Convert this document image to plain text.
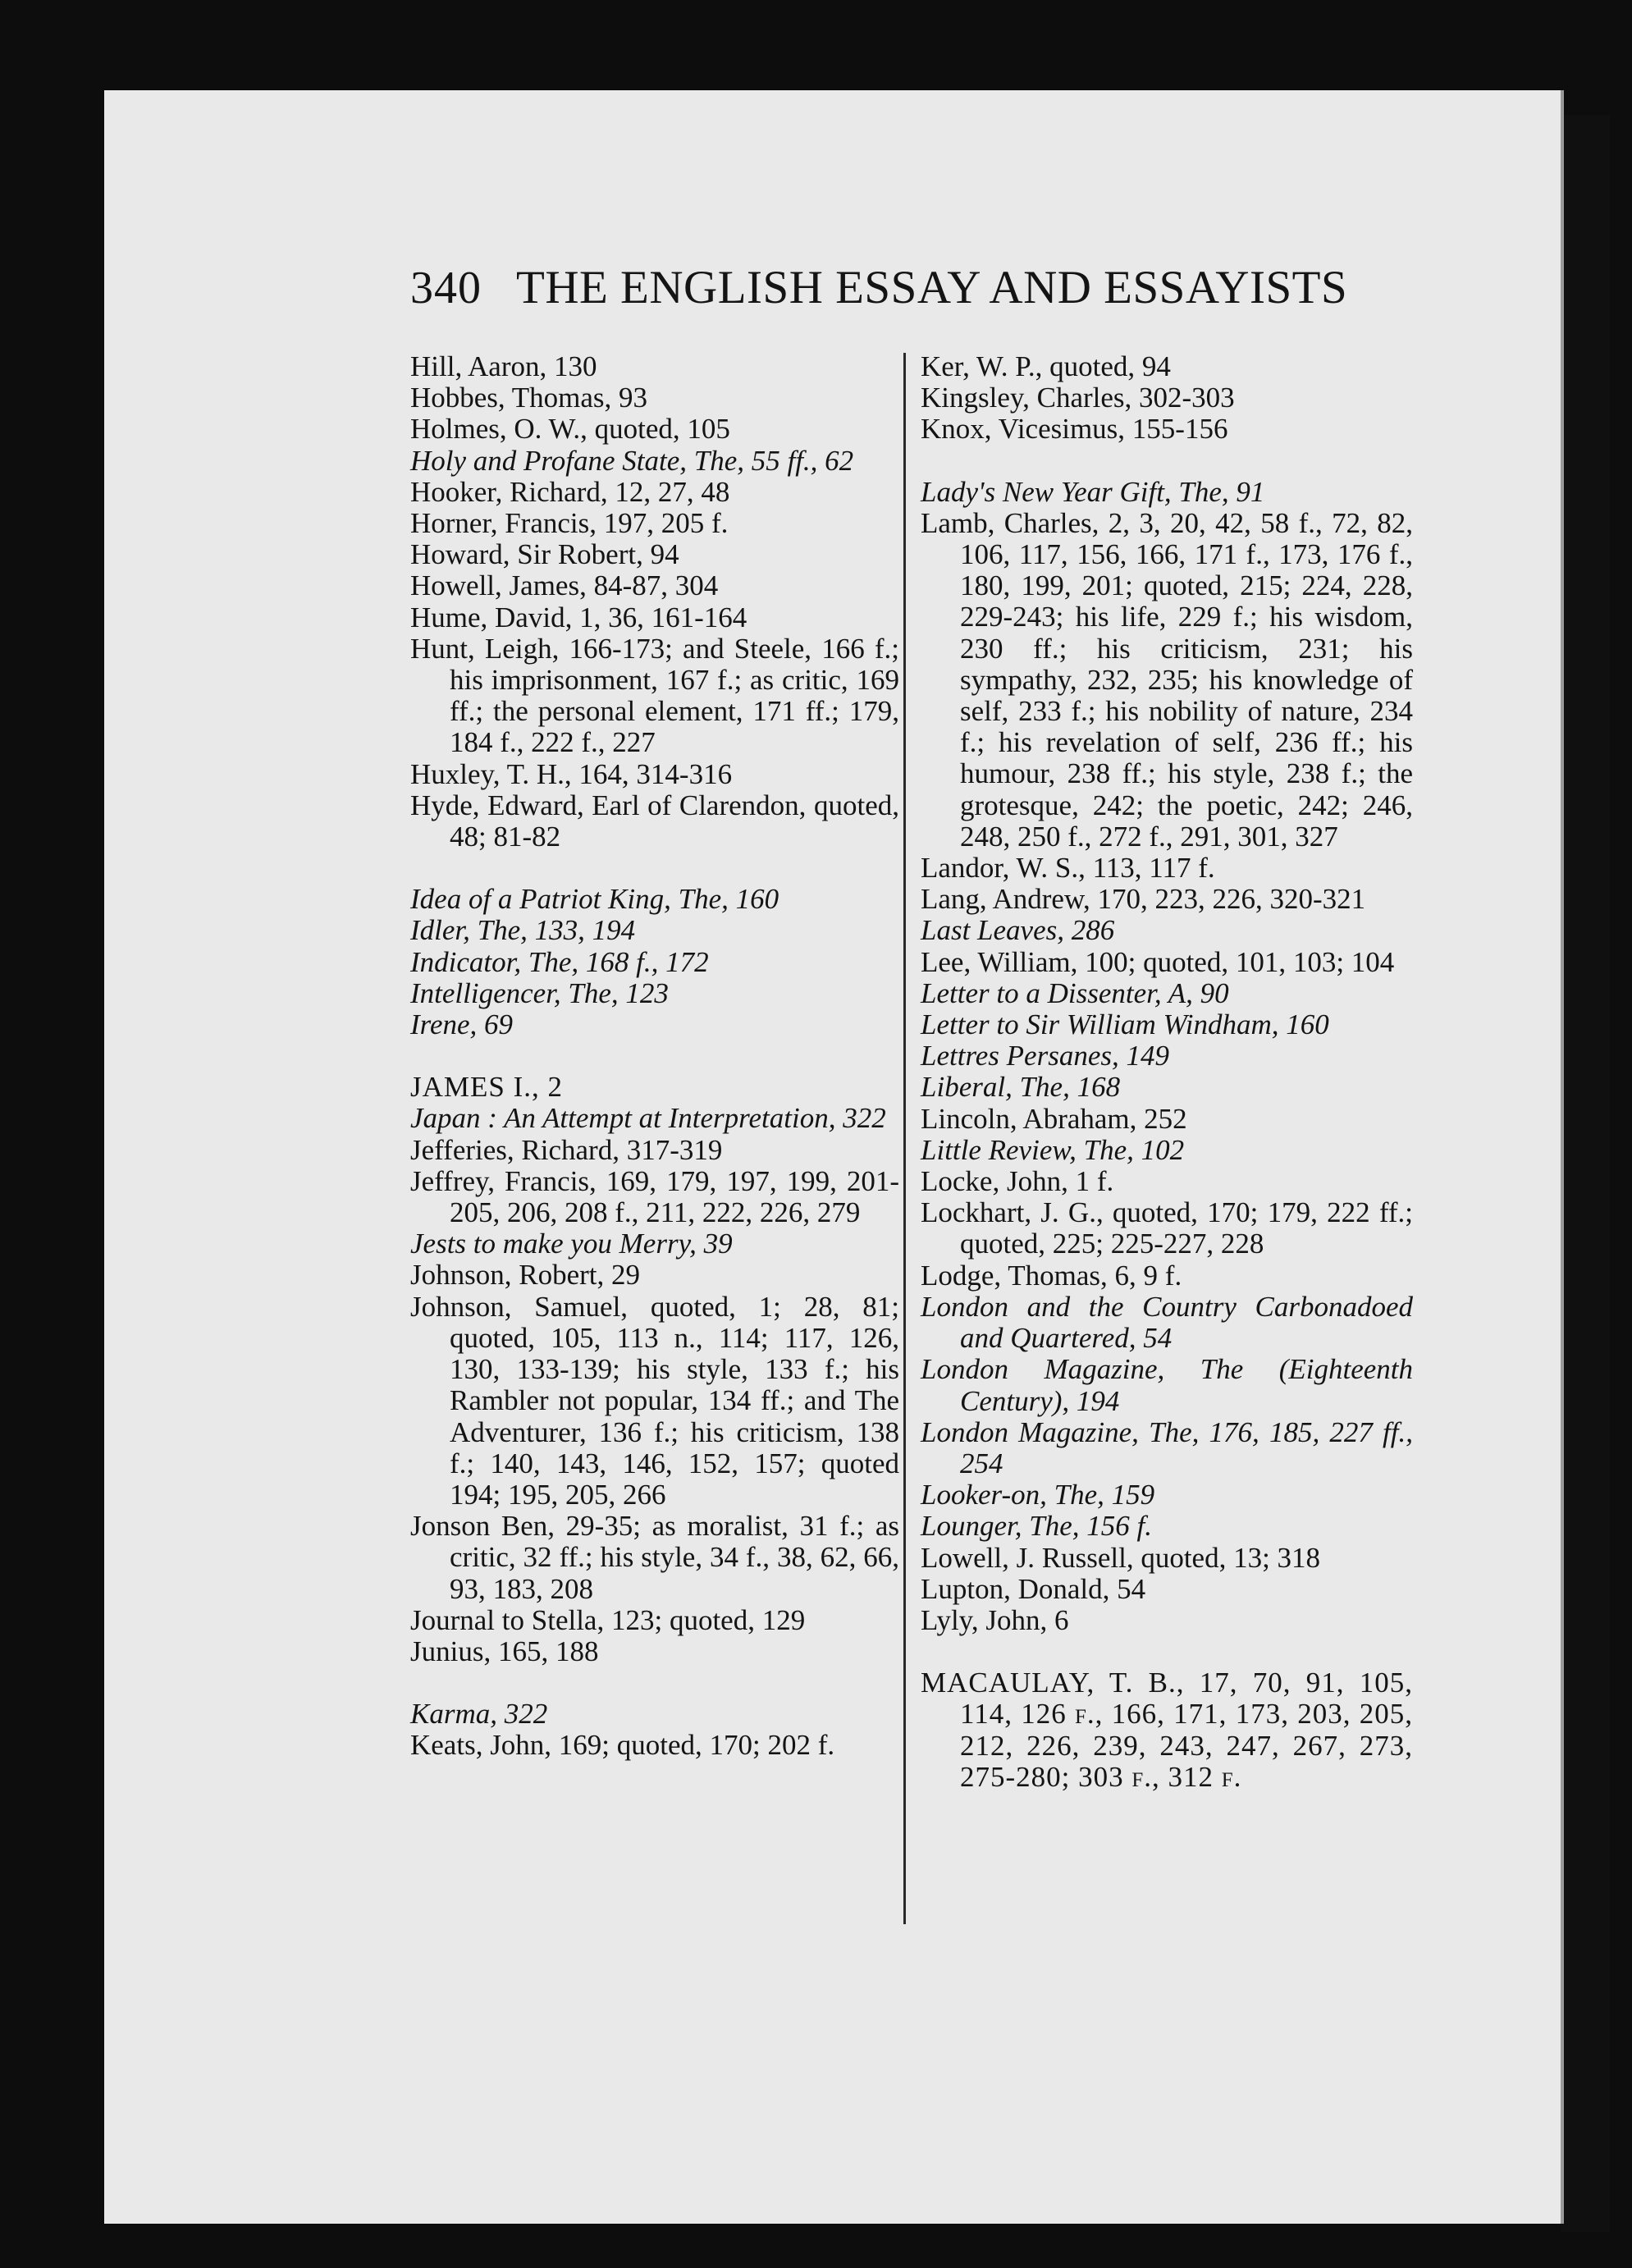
340 THE ENGLISH ESSAY AND ESSAYISTS
Hill, Aaron, 130
Hobbes, Thomas, 93
Holmes, O. W., quoted, 105
Holy and Profane State, The, 55 ff., 62
Hooker, Richard, 12, 27, 48
Horner, Francis, 197, 205 f.
Howard, Sir Robert, 94
Howell, James, 84-87, 304
Hume, David, 1, 36, 161-164
Hunt, Leigh, 166-173; and Steele, 166 f.; his imprisonment, 167 f.; as critic, 169 ff.; the personal element, 171 ff.; 179, 184 f., 222 f., 227
Huxley, T. H., 164, 314-316
Hyde, Edward, Earl of Clarendon, quoted, 48; 81-82
Idea of a Patriot King, The, 160
Idler, The, 133, 194
Indicator, The, 168 f., 172
Intelligencer, The, 123
Irene, 69
JAMES I., 2
Japan : An Attempt at Interpretation, 322
Jefferies, Richard, 317-319
Jeffrey, Francis, 169, 179, 197, 199, 201-205, 206, 208 f., 211, 222, 226, 279
Jests to make you Merry, 39
Johnson, Robert, 29
Johnson, Samuel, quoted, 1; 28, 81; quoted, 105, 113 n., 114; 117, 126, 130, 133-139; his style, 133 f.; his Rambler not popular, 134 ff.; and The Adventurer, 136 f.; his criticism, 138 f.; 140, 143, 146, 152, 157; quoted 194; 195, 205, 266
Jonson Ben, 29-35; as moralist, 31 f.; as critic, 32 ff.; his style, 34 f., 38, 62, 66, 93, 183, 208
Journal to Stella, 123; quoted, 129
Junius, 165, 188
Karma, 322
Keats, John, 169; quoted, 170; 202 f.
Ker, W. P., quoted, 94
Kingsley, Charles, 302-303
Knox, Vicesimus, 155-156
Lady's New Year Gift, The, 91
Lamb, Charles, 2, 3, 20, 42, 58 f., 72, 82, 106, 117, 156, 166, 171 f., 173, 176 f., 180, 199, 201; quoted, 215; 224, 228, 229-243; his life, 229 f.; his wisdom, 230 ff.; his criticism, 231; his sympathy, 232, 235; his knowledge of self, 233 f.; his nobility of nature, 234 f.; his revelation of self, 236 ff.; his humour, 238 ff.; his style, 238 f.; the grotesque, 242; the poetic, 242; 246, 248, 250 f., 272 f., 291, 301, 327
Landor, W. S., 113, 117 f.
Lang, Andrew, 170, 223, 226, 320-321
Last Leaves, 286
Lee, William, 100; quoted, 101, 103; 104
Letter to a Dissenter, A, 90
Letter to Sir William Windham, 160
Lettres Persanes, 149
Liberal, The, 168
Lincoln, Abraham, 252
Little Review, The, 102
Locke, John, 1 f.
Lockhart, J. G., quoted, 170; 179, 222 ff.; quoted, 225; 225-227, 228
Lodge, Thomas, 6, 9 f.
London and the Country Carbonadoed and Quartered, 54
London Magazine, The (Eighteenth Century), 194
London Magazine, The, 176, 185, 227 ff., 254
Looker-on, The, 159
Lounger, The, 156 f.
Lowell, J. Russell, quoted, 13; 318
Lupton, Donald, 54
Lyly, John, 6
MACAULAY, T. B., 17, 70, 91, 105, 114, 126 f., 166, 171, 173, 203, 205, 212, 226, 239, 243, 247, 267, 273, 275-280; 303 f., 312 f.
